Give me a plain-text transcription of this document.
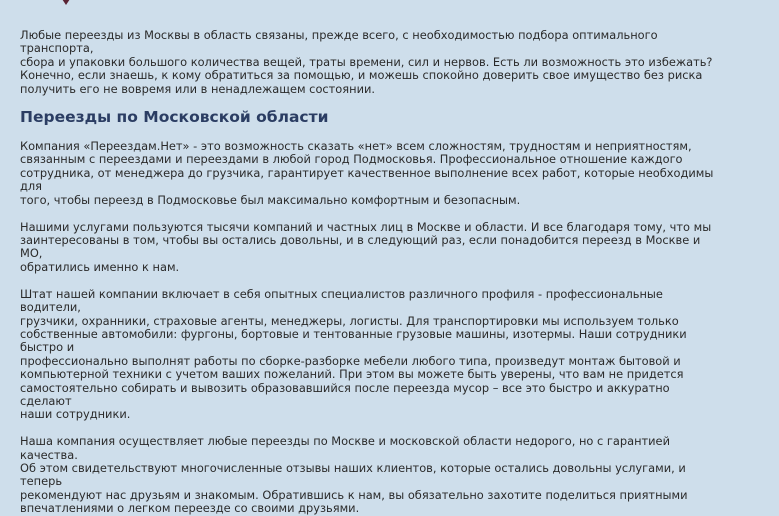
Любые переезды из Москвы в область связаны, прежде всего, с необходимостью подбора оптимального транспорта,
сбора и упаковки большого количества вещей, траты времени, сил и нервов. Есть ли возможность это избежать?
Конечно, если знаешь, к кому обратиться за помощью, и можешь спокойно доверить свое имущество без риска
получить его не вовремя или в ненадлежащем состоянии.

Переезды по Московской области

Компания «Переездам.Нет» - это возможность сказать «нет» всем сложностям, трудностям и неприятностям,
связанным с переездами и переездами в любой город Подмосковья. Профессиональное отношение каждого
сотрудника, от менеджера до грузчика, гарантирует качественное выполнение всех работ, которые необходимы для
того, чтобы переезд в Подмосковье был максимально комфортным и безопасным.

Нашими услугами пользуются тысячи компаний и частных лиц в Москве и области. И все благодаря тому, что мы
заинтересованы в том, чтобы вы остались довольны, и в следующий раз, если понадобится переезд в Москве и МО,
обратились именно к нам.

Штат нашей компании включает в себя опытных специалистов различного профиля - профессиональные водители,
грузчики, охранники, страховые агенты, менеджеры, логисты. Для транспортировки мы используем только
собственные автомобили: фургоны, бортовые и тентованные грузовые машины, изотермы. Наши сотрудники быстро и
профессионально выполнят работы по сборке-разборке мебели любого типа, произведут монтаж бытовой и
компьютерной техники с учетом ваших пожеланий. При этом вы можете быть уверены, что вам не придется
самостоятельно собирать и вывозить образовавшийся после переезда мусор – все это быстро и аккуратно сделают
наши сотрудники.

Наша компания осуществляет любые переезды по Москве и московской области недорого, но с гарантией качества.
Об этом свидетельствуют многочисленные отзывы наших клиентов, которые остались довольны услугами, и теперь
рекомендуют нас друзьям и знакомым. Обратившись к нам, вы обязательно захотите поделиться приятными
впечатлениями о легком переезде со своими друзьями.
